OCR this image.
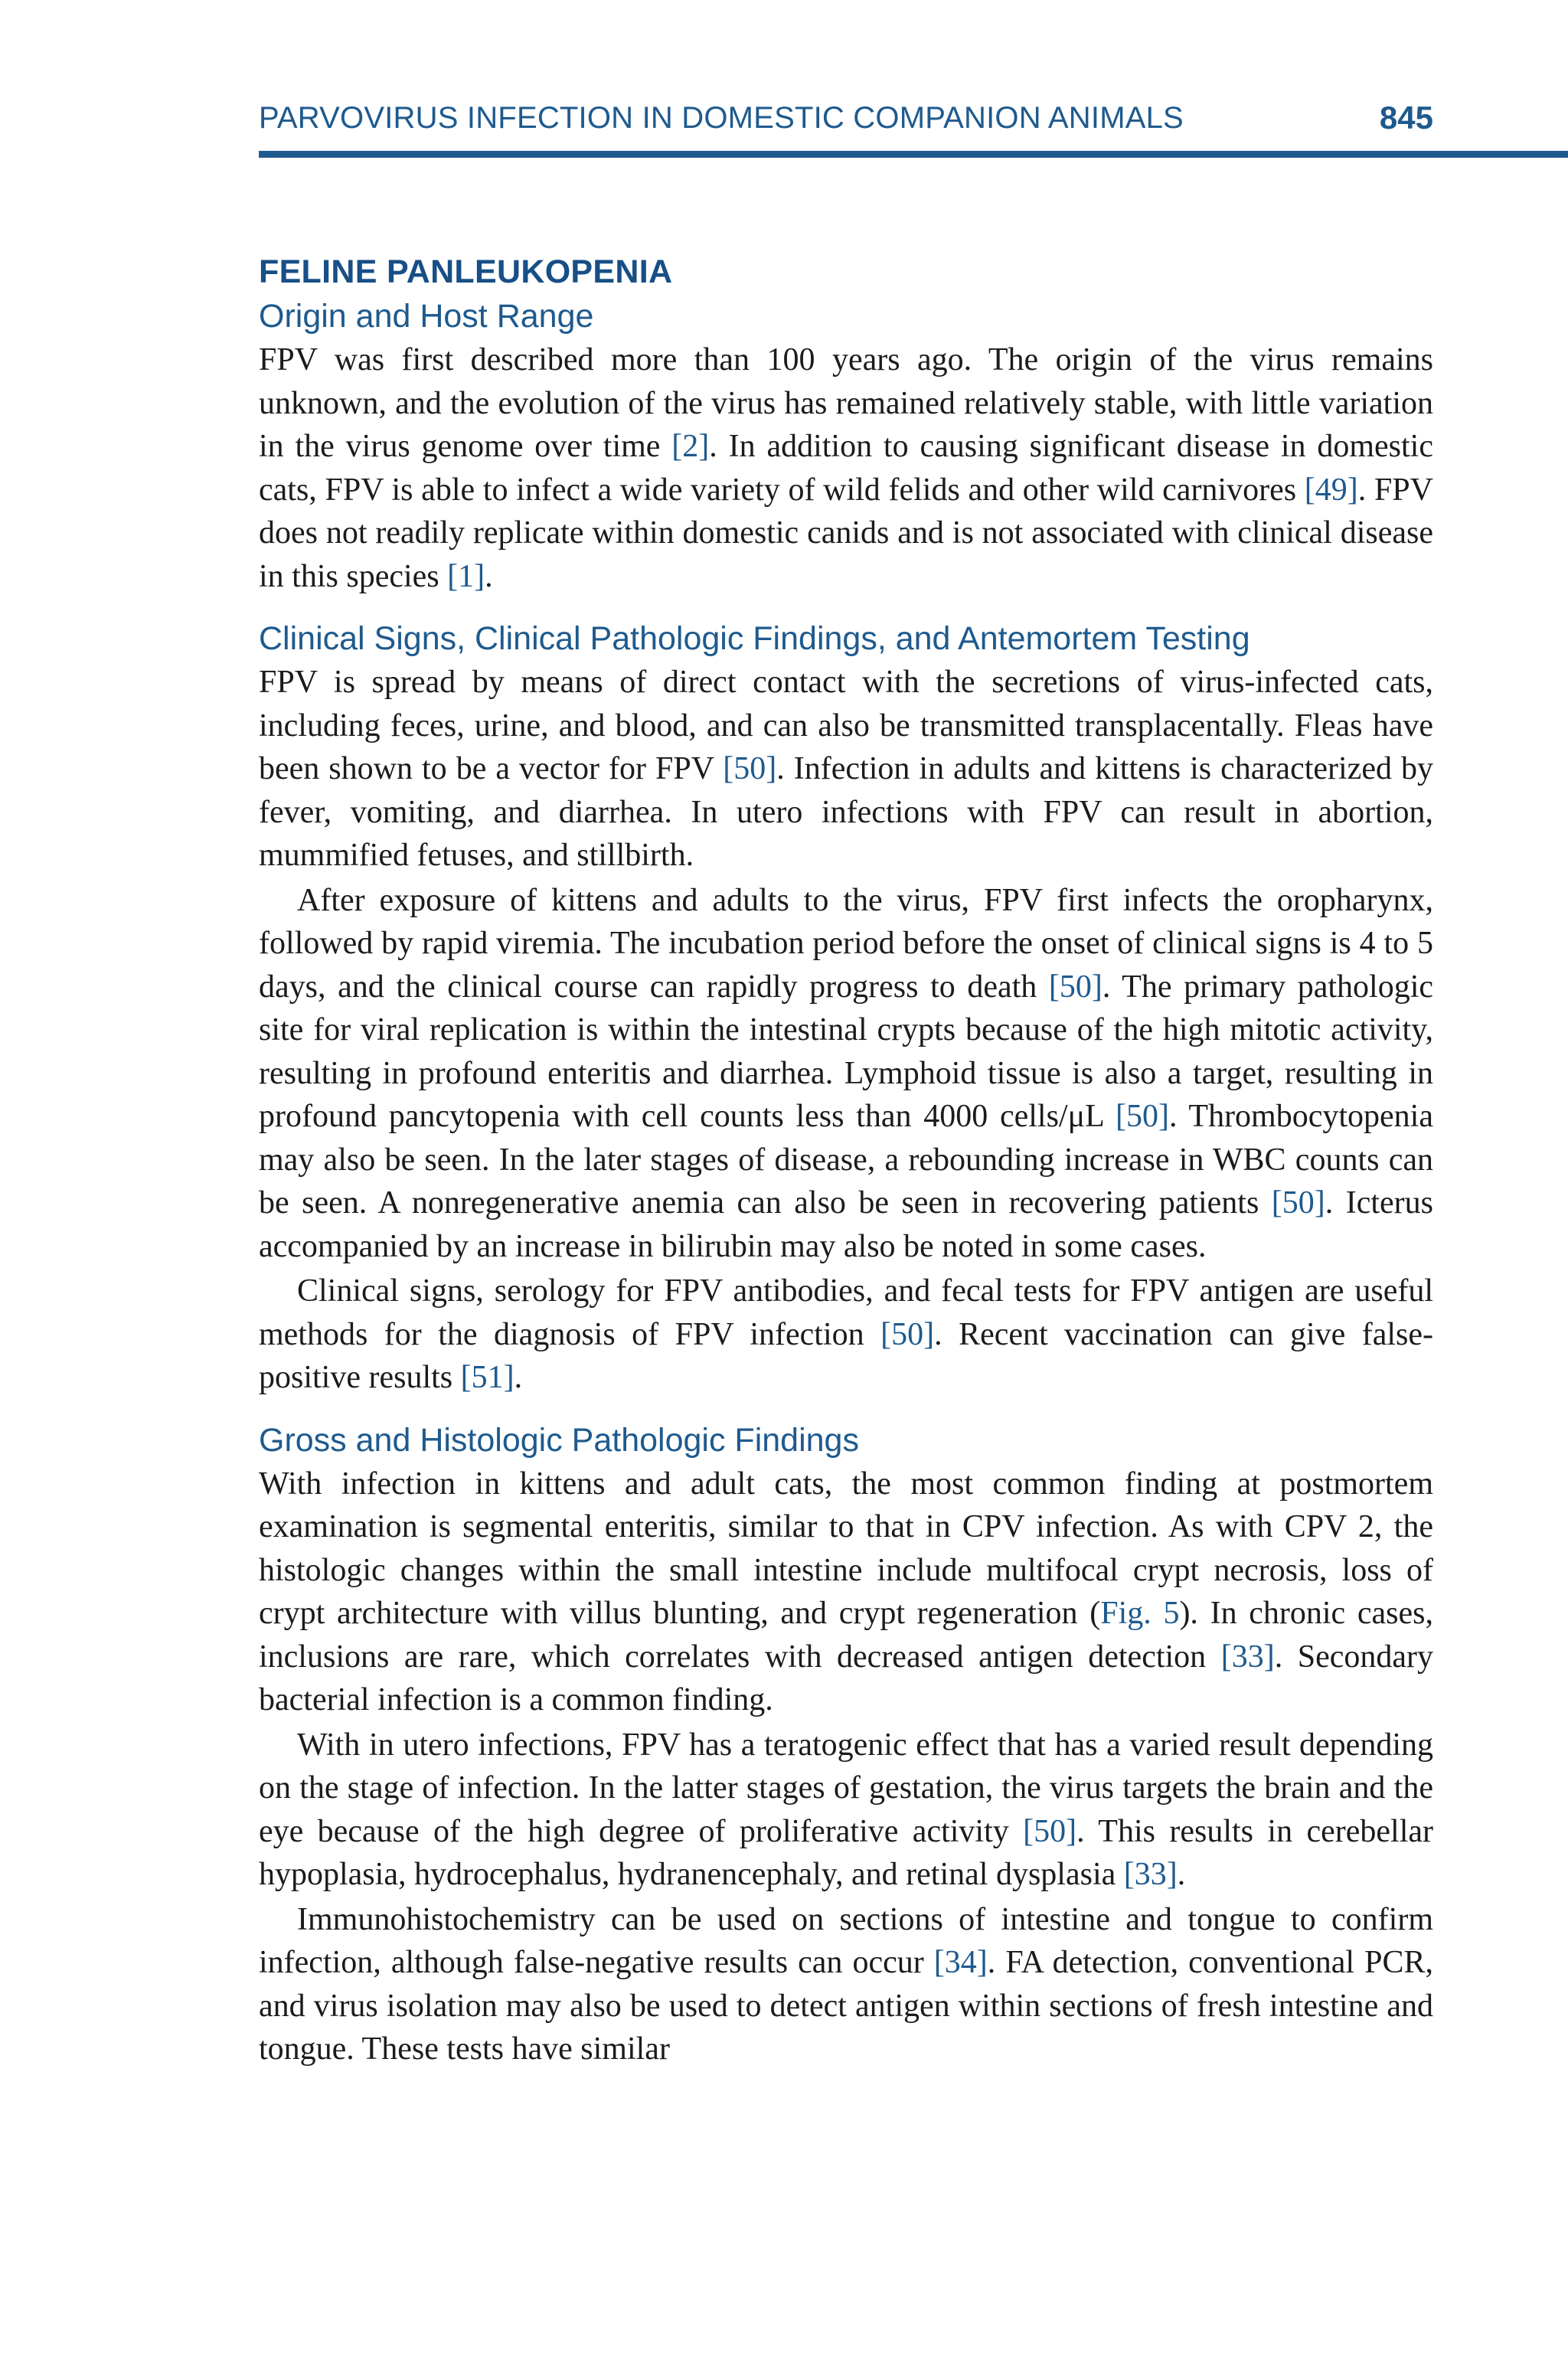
PARVOVIRUS INFECTION IN DOMESTIC COMPANION ANIMALS	845
FELINE PANLEUKOPENIA
Origin and Host Range

FPV was first described more than 100 years ago. The origin of the virus remains unknown, and the evolution of the virus has remained relatively stable, with little variation in the virus genome over time [2]. In addition to causing significant disease in domestic cats, FPV is able to infect a wide variety of wild felids and other wild carnivores [49]. FPV does not readily replicate within domestic canids and is not associated with clinical disease in this species [1].

Clinical Signs, Clinical Pathologic Findings, and Antemortem Testing

FPV is spread by means of direct contact with the secretions of virus-infected cats, including feces, urine, and blood, and can also be transmitted transplacentally. Fleas have been shown to be a vector for FPV [50]. Infection in adults and kittens is characterized by fever, vomiting, and diarrhea. In utero infections with FPV can result in abortion, mummified fetuses, and stillbirth.

After exposure of kittens and adults to the virus, FPV first infects the oropharynx, followed by rapid viremia. The incubation period before the onset of clinical signs is 4 to 5 days, and the clinical course can rapidly progress to death [50]. The primary pathologic site for viral replication is within the intestinal crypts because of the high mitotic activity, resulting in profound enteritis and diarrhea. Lymphoid tissue is also a target, resulting in profound pancytopenia with cell counts less than 4000 cells/μL [50]. Thrombocytopenia may also be seen. In the later stages of disease, a rebounding increase in WBC counts can be seen. A nonregenerative anemia can also be seen in recovering patients [50]. Icterus accompanied by an increase in bilirubin may also be noted in some cases.

Clinical signs, serology for FPV antibodies, and fecal tests for FPV antigen are useful methods for the diagnosis of FPV infection [50]. Recent vaccination can give false-positive results [51].

Gross and Histologic Pathologic Findings

With infection in kittens and adult cats, the most common finding at postmortem examination is segmental enteritis, similar to that in CPV infection. As with CPV 2, the histologic changes within the small intestine include multifocal crypt necrosis, loss of crypt architecture with villus blunting, and crypt regeneration (Fig. 5). In chronic cases, inclusions are rare, which correlates with decreased antigen detection [33]. Secondary bacterial infection is a common finding.

With in utero infections, FPV has a teratogenic effect that has a varied result depending on the stage of infection. In the latter stages of gestation, the virus targets the brain and the eye because of the high degree of proliferative activity [50]. This results in cerebellar hypoplasia, hydrocephalus, hydranencephaly, and retinal dysplasia [33].

Immunohistochemistry can be used on sections of intestine and tongue to confirm infection, although false-negative results can occur [34]. FA detection, conventional PCR, and virus isolation may also be used to detect antigen within sections of fresh intestine and tongue. These tests have similar
